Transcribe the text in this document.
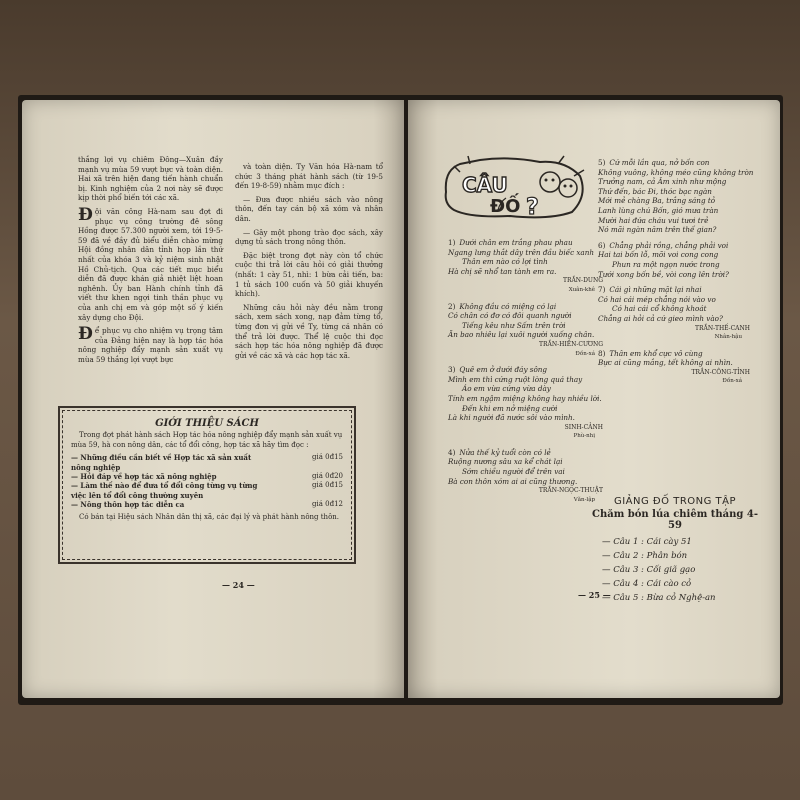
thắng lợi vụ chiêm Đông—Xuân đầy mạnh vụ mùa 59 vượt bực và toàn diện. Hai xã trên hiện đang tiến hành chuẩn bị. Kinh nghiệm của 2 nơi này sẽ được kịp thời phổ biến tới các xã.

Đ ội văn công Hà-nam sau đợt đi phục vụ công trường đê sông Hồng được 57.300 người xem, tới 19-5-59 đã về đầy đủ biểu diễn chào mừng Hội đồng nhân dân tỉnh họp lần thứ nhất của khóa 3 và kỷ niệm sinh nhật Hồ Chủ-tịch. Qua các tiết mục biểu diễn đã được khán giả nhiệt liệt hoan nghênh. Ủy ban Hành chính tỉnh đã viết thư khen ngợi tinh thần phục vụ của anh chị em và góp một số ý kiến xây dựng cho Đội.

Đ ể phục vụ cho nhiệm vụ trọng tâm của Đảng hiện nay là hợp tác hóa nông nghiệp đẩy mạnh sản xuất vụ mùa 59 thắng lợi vượt bực

và toàn diện. Ty Văn hóa Hà-nam tổ chức 3 tháng phát hành sách (từ 19-5 đến 19-8-59) nhằm mục đích :

— Đưa được nhiều sách vào nông thôn, đến tay cán bộ xã xóm và nhân dân.

— Gây một phong trào đọc sách, xây dựng tủ sách trong nông thôn.

Đặc biệt trong đợt này còn tổ chức cuộc thi trả lời câu hỏi có giải thưởng (nhất: 1 cày 51, nhì: 1 bừa cải tiến, ba: 1 tủ sách 100 cuốn và 50 giải khuyến khích).

Những câu hỏi này đều nằm trong sách, xem sách xong, nạp đảm từng tổ, từng đơn vị gửi về Ty, từng cá nhân có thể trả lời được. Thể lệ cuộc thi đọc sách hợp tác hóa nông nghiệp đã được gửi về các xã và các hợp tác xã.

GIỚI THIỆU SÁCH
Trong đợt phát hành sách Hợp tác hóa nông nghiệp đẩy mạnh sản xuất vụ mùa 59, hà con nông dân, các tổ đổi công, hợp tác xã hãy tìm đọc :
— Những điều cần biết về Hợp tác xã sản xuất nông nghiệp
giá 0đ15
— Hỏi đáp về hợp tác xã nông nghiệp	giá 0đ20
— Làm thế nào để đưa tổ đổi công từng vụ từng việc lên tổ đổi công thường xuyên
giá 0đ15
— Nông thôn hợp tác diễn ca	giá 0đ12
Có bán tại Hiệu sách Nhân dân thị xã, các đại lý và phát hành nông thôn.
— 24 —
CÂU
ĐỐ ?
1) Dưới chân em trắng phau phau
Ngang lưng thắt dây trên đầu biếc xanh
Thân em nào có lợi tình
Hà chị sẽ nhổ tan tành em ra.
TRẦN-DUNG
Xuân-khê
2) Không đầu có miệng có lại
Có chân có đơ có đôi quanh người
Tiếng kêu như Sấm trên trời
Ăn bao nhiêu lại xuôi người xuống chân.
TRẦN-HIỀN-CƯƠNG
Đồn-xá
3) Quê em ở dưới đáy sông
Mình em thì cứng ruột lòng quá thay
Áo em vừa cứng vừa dày
Tính em ngậm miệng không hay nhiều lời.
Đến khi em nở miệng cười
Là khi người đã nước sôi vào mình.
SINH-CẢNH
Phù-nhị
4) Nửa thế kỷ tuổi còn có lẻ
Ruộng nương sâu xa kể chát lại
Sớm chiều người để trên vai
Bà con thôn xóm ai ai cũng thương.
TRẦN-NGỌC-THUẬT
Văn-lập
5) Cứ mỗi lần qua, nở bốn con
Không vuông, không méo cũng không tròn
Trưởng nam, cả Âm xinh như mộng
Thứ đến, bác Đi, thóc bạc ngàn
Mới mẻ chàng Ba, trắng sáng tỏ
Lanh lùng chú Bốn, gió mưa tràn
Mười hai đứa cháu vui tươi trẻ
Nó mãi ngàn năm trên thế gian?
6) Chẳng phải rồng, chẳng phải voi
Hai tai bốn lỗ, mõi voi cong cong
Phun ra một ngọn nước trong
Tưới xong bốn bề, vòi cong lên trời?
7) Cái gì những mặt lại nhai
Có hai cái mép chẳng nói vào vo
Có hai cái cổ không khoát
Chẳng ai hỏi cả cứ gieo mình vào?
TRẦN-THẾ-CANH
Nhân-hậu
8) Thân em khổ cực vô cùng
Bực ai cũng mắng, tết không ai nhìn.
TRẦN-CÔNG-TỈNH
Đồn-xá
GIẢNG ĐỐ TRONG TẬP
Chăm bón lúa chiêm tháng 4-59
— Câu 1 : Cái cày 51
— Câu 2 : Phân bón
— Câu 3 : Cối giã gạo
— Câu 4 : Cái cào cỏ
— Câu 5 : Bừa cỏ Nghệ-an
— 25 —
